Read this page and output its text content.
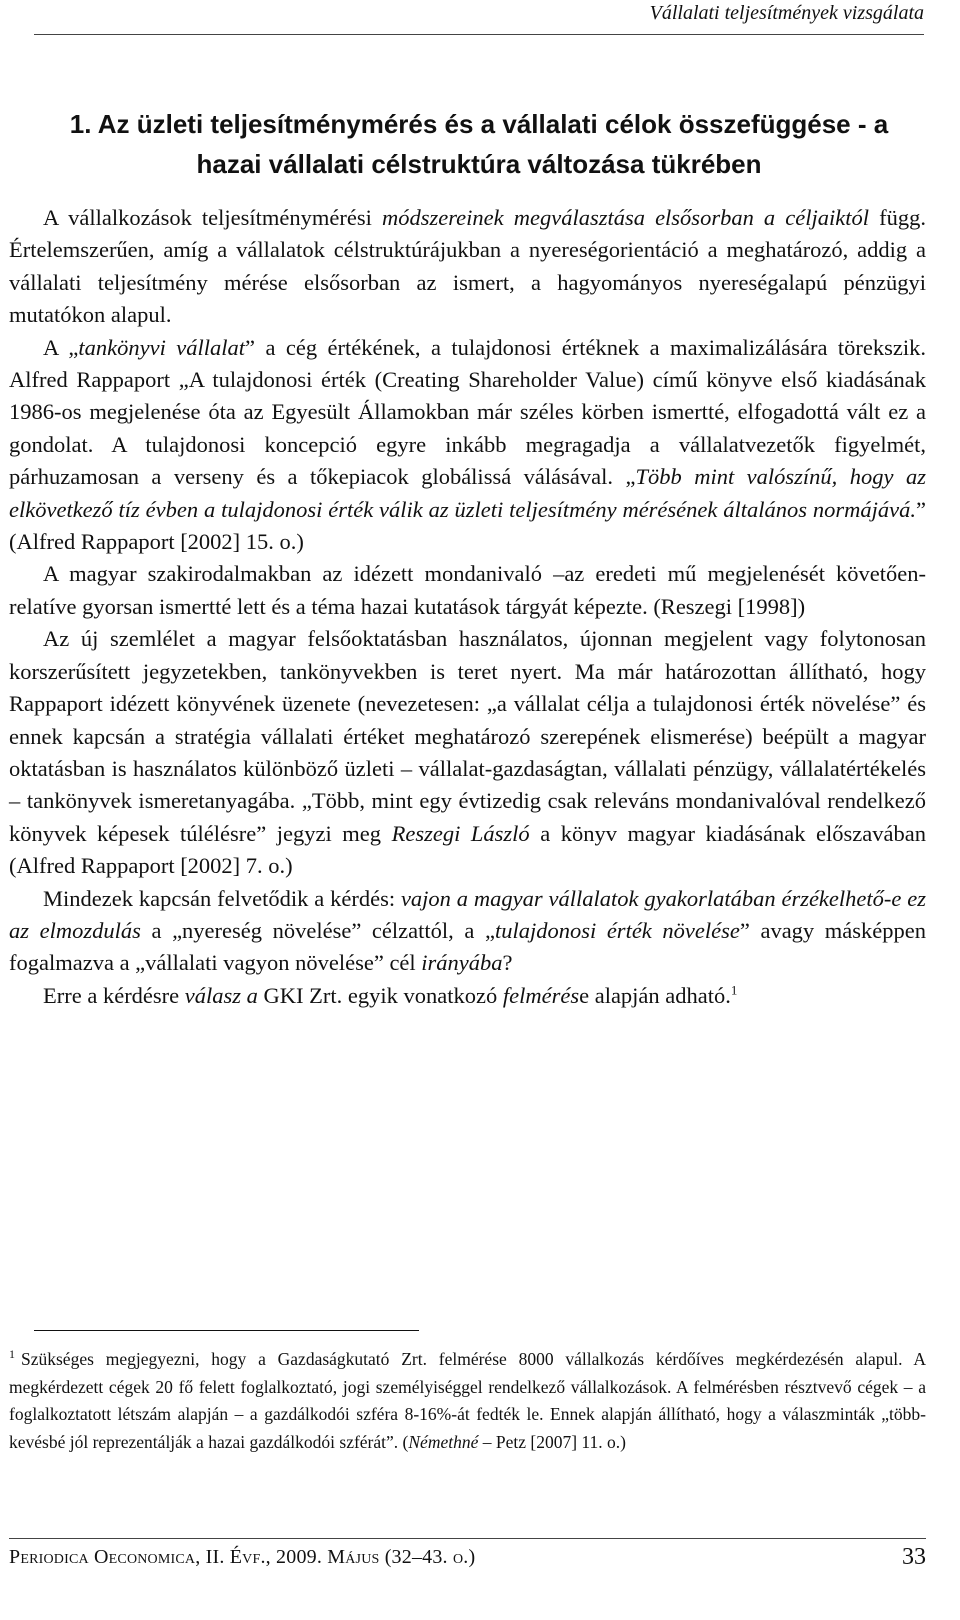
Vállalati teljesítmények vizsgálata
1. Az üzleti teljesítménymérés és a vállalati célok összefüggése - a hazai vállalati célstruktúra változása tükrében

A vállalkozások teljesítménymérési módszereinek megválasztása elsősorban a céljaiktól függ. Értelemszerűen, amíg a vállalatok célstruktúrájukban a nyereségorientáció a meghatározó, addig a vállalati teljesítmény mérése elsősorban az ismert, a hagyományos nyereségalapú pénzügyi mutatókon alapul.

A „tankönyvi vállalat” a cég értékének, a tulajdonosi értéknek a maximalizálására törekszik. Alfred Rappaport „A tulajdonosi érték (Creating Shareholder Value) című könyve első kiadásának 1986-os megjelenése óta az Egyesült Államokban már széles körben ismertté, elfogadottá vált ez a gondolat. A tulajdonosi koncepció egyre inkább megragadja a vállalatvezetők figyelmét, párhuzamosan a verseny és a tőkepiacok globálissá válásával. „Több mint valószínű, hogy az elkövetkező tíz évben a tulajdonosi érték válik az üzleti teljesítmény mérésének általános normájává.” (Alfred Rappaport [2002] 15. o.)

A magyar szakirodalmakban az idézett mondanivaló –az eredeti mű megjelenését követően- relatíve gyorsan ismertté lett és a téma hazai kutatások tárgyát képezte. (Reszegi [1998])

Az új szemlélet a magyar felsőoktatásban használatos, újonnan megjelent vagy folytonosan korszerűsített jegyzetekben, tankönyvekben is teret nyert. Ma már határozottan állítható, hogy Rappaport idézett könyvének üzenete (nevezetesen: „a vállalat célja a tulajdonosi érték növelése” és ennek kapcsán a stratégia vállalati értéket meghatározó szerepének elismerése) beépült a magyar oktatásban is használatos különböző üzleti – vállalat-gazdaságtan, vállalati pénzügy, vállalatértékelés – tankönyvek ismeretanyagába. „Több, mint egy évtizedig csak releváns mondanivalóval rendelkező könyvek képesek túlélésre” jegyzi meg Reszegi László a könyv magyar kiadásának előszavában (Alfred Rappaport [2002] 7. o.)

Mindezek kapcsán felvetődik a kérdés: vajon a magyar vállalatok gyakorlatában érzékelhető-e ez az elmozdulás a „nyereség növelése” célzattól, a „tulajdonosi érték növelése” avagy másképpen fogalmazva a „vállalati vagyon növelése” cél irányába?

Erre a kérdésre válasz a GKI Zrt. egyik vonatkozó felmérése alapján adható.$^1$

$^1$ Szükséges megjegyezni, hogy a Gazdaságkutató Zrt. felmérése 8000 vállalkozás kérdőíves megkérdezésén alapul. A megkérdezett cégek 20 fő felett foglalkoztató, jogi személyiséggel rendelkező vállalkozások. A felmérésben résztvevő cégek – a foglalkoztatott létszám alapján – a gazdálkodói szféra 8-16%-át fedték le. Ennek alapján állítható, hogy a válaszminták „több-kevésbé jól reprezentálják a hazai gazdálkodói szférát”. (Némethné – Petz [2007] 11. o.)
Periodica Oeconomica, II. Évf., 2009. Május (32–43. o.)	33
